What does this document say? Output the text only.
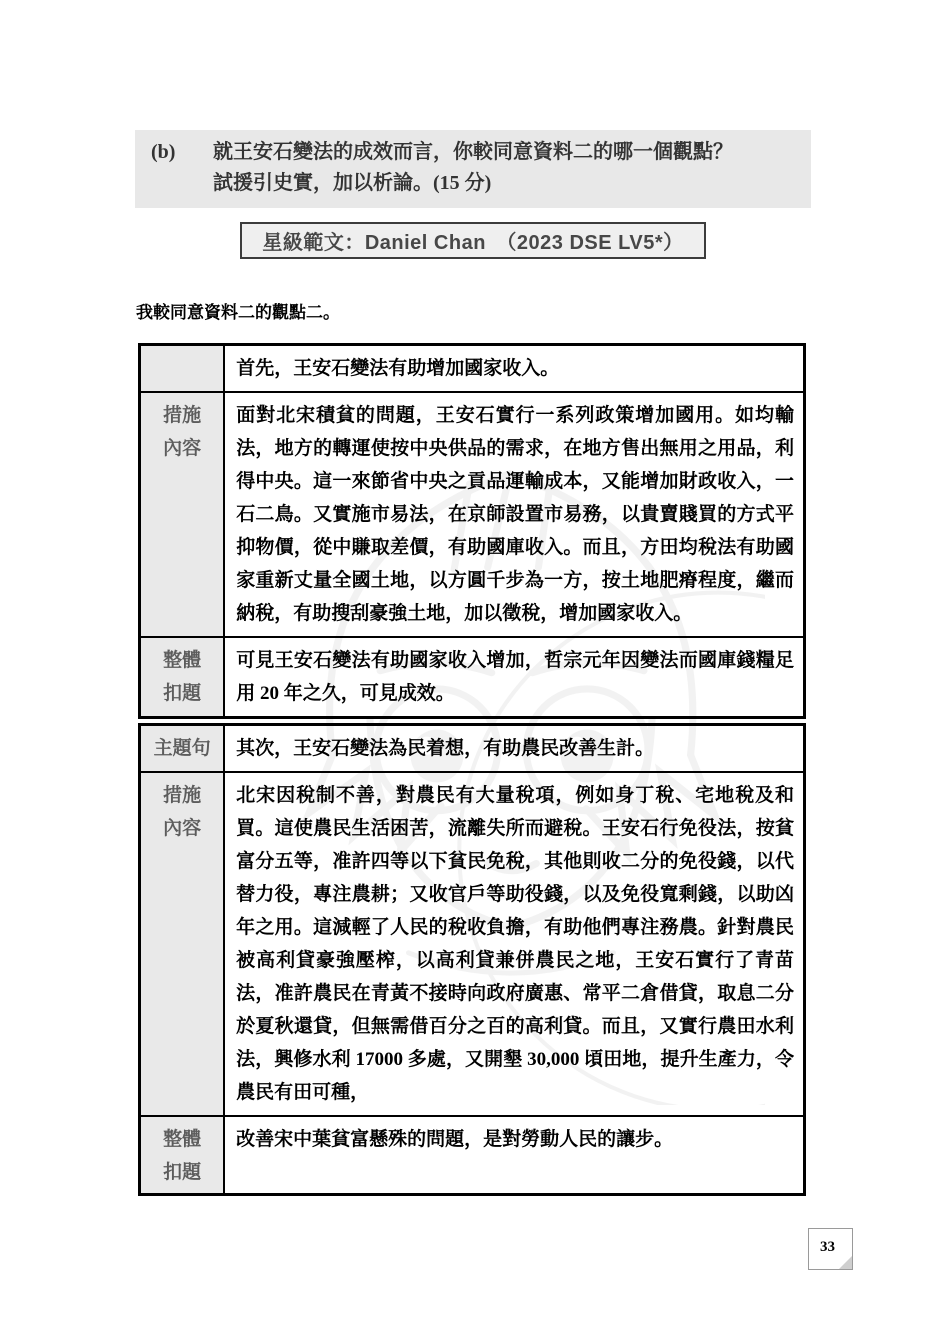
(b)	就王安石變法的成效而言，你較同意資料二的哪一個觀點？
試援引史實，加以析論。(15 分)
星級範文：Daniel Chan　（2023 DSE LV5*）

我較同意資料二的觀點二。

	首先，王安石變法有助增加國家收入。

措施
內容	面對北宋積貧的問題，王安石實行一系列政策增加國用。如均輸法，地方的轉運使按中央供品的需求，在地方售出無用之用品，利得中央。這一來節省中央之貢品運輸成本，又能增加財政收入，一石二鳥。又實施市易法，在京師設置市易務，以貴賣賤買的方式平抑物價，從中賺取差價，有助國庫收入。而且，方田均稅法有助國家重新丈量全國土地，以方圓千步為一方，按土地肥瘠程度，繼而納稅，有助搜刮豪強土地，加以徵稅，增加國家收入。

整體
扣題	可見王安石變法有助國家收入增加，哲宗元年因變法而國庫錢糧足用 20 年之久，可見成效。
主題句	其次，王安石變法為民着想，有助農民改善生計。

措施
內容	北宋因稅制不善，對農民有大量稅項，例如身丁稅、宅地稅及和買。這使農民生活困苦，流離失所而避稅。王安石行免役法，按貧富分五等，准許四等以下貧民免稅，其他則收二分的免役錢，以代替力役，專注農耕；又收官戶等助役錢，以及免役寬剩錢，以助凶年之用。這減輕了人民的稅收負擔，有助他們專注務農。針對農民被高利貸豪強壓榨，以高利貸兼併農民之地，王安石實行了青苗法，准許農民在青黃不接時向政府廣惠、常平二倉借貸，取息二分於夏秋還貸，但無需借百分之百的高利貸。而且，又實行農田水利法，興修水利 17000 多處，又開墾 30,000 頃田地，提升生產力，令農民有田可種，

整體
扣題	改善宋中葉貧富懸殊的問題，是對勞動人民的讓步。
33
